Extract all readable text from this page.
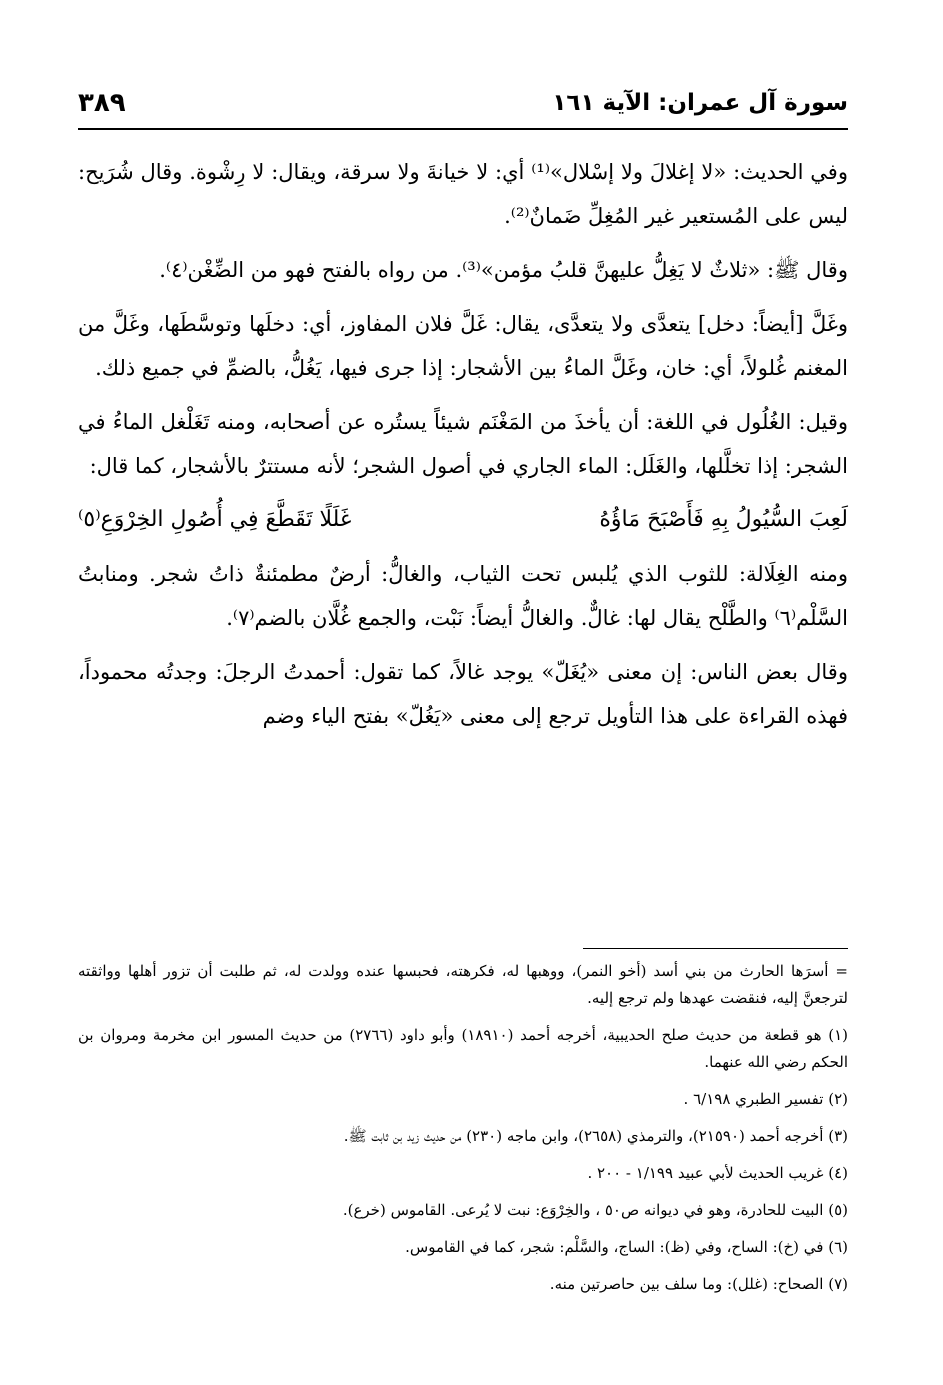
سورة آل عمران: الآية ١٦١
٣٨٩

وفي الحديث: «لا إغلالَ ولا إسْلال»⁽¹⁾ أي: لا خيانةَ ولا سرقة، ويقال: لا رِشْوة. وقال شُرَيح: ليس على المُستعير غير المُغِلِّ ضَمانٌ⁽²⁾.

وقال ﷺ: «ثلاثٌ لا يَغِلُّ عليهنَّ قلبُ مؤمن»⁽³⁾. من رواه بالفتح فهو من الضِّغْن⁽٤⁾.

وغَلَّ [أيضاً: دخل] يتعدَّى ولا يتعدَّى، يقال: غَلَّ فلان المفاوز، أي: دخلَها وتوسَّطَها، وغَلَّ من المغنم غُلولاً، أي: خان، وغَلَّ الماءُ بين الأشجار: إذا جرى فيها، يَغُلُّ، بالضمِّ في جميع ذلك.

وقيل: الغُلُول في اللغة: أن يأخذَ من المَغْنَم شيئاً يستُره عن أصحابه، ومنه تَغَلْغل الماءُ في الشجر: إذا تخلَّلها، والغَلَل: الماء الجاري في أصول الشجر؛ لأنه مستترٌ بالأشجار، كما قال:

لَعِبَ السُّيُولُ بِهِ فَأَصْبَحَ مَاؤُهُ
غَلَلًا تَقَطَّعَ فِي أُصُولِ الخِرْوَعِ⁽٥⁾

ومنه الغِلَالة: للثوب الذي يُلبس تحت الثياب، والغالُّ: أرضٌ مطمئنةٌ ذاتُ شجر. ومنابتُ السَّلْم⁽٦⁾ والطَّلْح يقال لها: غالٌّ. والغالُّ أيضاً: نَبْت، والجمع غُلَّان بالضم⁽٧⁾.

وقال بعض الناس: إن معنى «يُغَلّ» يوجد غالاً، كما تقول: أحمدتُ الرجلَ: وجدتُه محموداً، فهذه القراءة على هذا التأويل ترجع إلى معنى «يَغُلّ» بفتح الياء وضم

= أسرَها الحارث من بني أسد (أخو النمر)، ووهبها له، فكرهته، فحبسها عنده وولدت له، ثم طلبت أن تزور أهلها وواثقته لترجعنَّ إليه، فنقضت عهدها ولم ترجع إليه.

(١) هو قطعة من حديث صلح الحديبية، أخرجه أحمد (١٨٩١٠) وأبو داود (٢٧٦٦) من حديث المسور ابن مخرمة ومروان بن الحكم رضي الله عنهما.

(٢) تفسير الطبري ٦/١٩٨ .

(٣) أخرجه أحمد (٢١٥٩٠)، والترمذي (٢٦٥٨)، وابن ماجه (٢٣٠) من حديث زيد بن ثابت ﷺ.

(٤) غريب الحديث لأبي عبيد ١/١٩٩ - ٢٠٠ .

(٥) البيت للحادرة، وهو في ديوانه ص٥٠ ، والخِرْوَع: نبت لا يُرعى. القاموس (خرع).

(٦) في (خ): الساح، وفي (ظ): الساج، والسَّلْم: شجر، كما في القاموس.

(٧) الصحاح: (غلل): وما سلف بين حاصرتين منه.
